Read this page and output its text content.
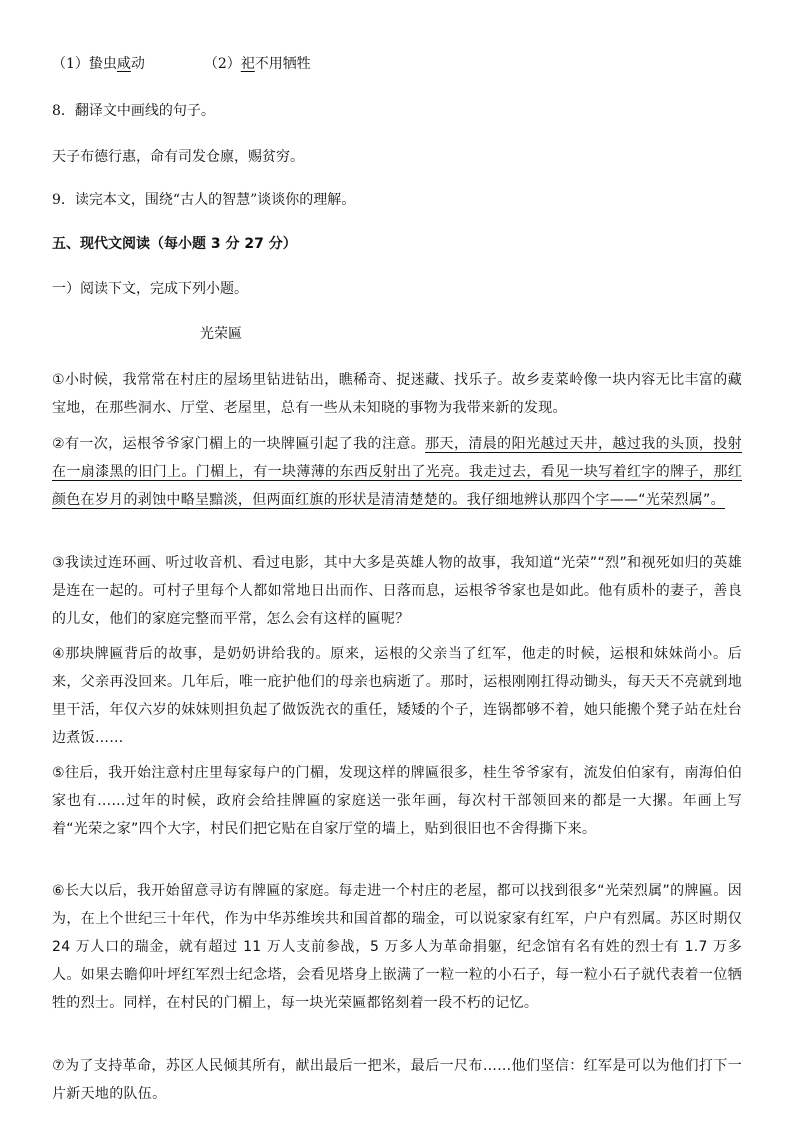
（1）蛰虫咸动	（2）祀不用牺牲
8．翻译文中画线的句子。
天子布德行惠，命有司发仓廪，赐贫穷。
9．读完本文，围绕“古人的智慧”谈谈你的理解。
五、现代文阅读（每小题 3 分 27 分）
一）阅读下文，完成下列小题。
光荣匾

①小时候，我常常在村庄的屋场里钻进钻出，瞧稀奇、捉迷藏、找乐子。故乡麦菜岭像一块内容无比丰富的藏宝地，在那些洞水、厅堂、老屋里，总有一些从未知晓的事物为我带来新的发现。

②有一次，运根爷爷家门楣上的一块牌匾引起了我的注意。那天，清晨的阳光越过天井，越过我的头顶，投射在一扇漆黑的旧门上。门楣上，有一块薄薄的东西反射出了光亮。我走过去，看见一块写着红字的牌子，那红颜色在岁月的剥蚀中略呈黯淡，但两面红旗的形状是清清楚楚的。我仔细地辨认那四个字——“光荣烈属”。

③我读过连环画、听过收音机、看过电影，其中大多是英雄人物的故事，我知道“光荣”“烈”和视死如归的英雄是连在一起的。可村子里每个人都如常地日出而作、日落而息，运根爷爷家也是如此。他有质朴的妻子，善良的儿女，他们的家庭完整而平常，怎么会有这样的匾呢？

④那块牌匾背后的故事，是奶奶讲给我的。原来，运根的父亲当了红军，他走的时候，运根和妹妹尚小。后来，父亲再没回来。几年后，唯一庇护他们的母亲也病逝了。那时，运根刚刚扛得动锄头，每天天不亮就到地里干活，年仅六岁的妹妹则担负起了做饭洗衣的重任，矮矮的个子，连锅都够不着，她只能搬个凳子站在灶台边煮饭……

⑤往后，我开始注意村庄里每家每户的门楣，发现这样的牌匾很多，桂生爷爷家有，流发伯伯家有，南海伯伯家也有……过年的时候，政府会给挂牌匾的家庭送一张年画，每次村干部领回来的都是一大摞。年画上写着“光荣之家”四个大字，村民们把它贴在自家厅堂的墙上，贴到很旧也不舍得撕下来。

⑥长大以后，我开始留意寻访有牌匾的家庭。每走进一个村庄的老屋，都可以找到很多“光荣烈属”的牌匾。因为，在上个世纪三十年代，作为中华苏维埃共和国首都的瑞金，可以说家家有红军，户户有烈属。苏区时期仅 24 万人口的瑞金，就有超过 11 万人支前参战，5 万多人为革命捐躯，纪念馆有名有姓的烈士有 1.7 万多人。如果去瞻仰叶坪红军烈士纪念塔，会看见塔身上嵌满了一粒一粒的小石子，每一粒小石子就代表着一位牺牲的烈士。同样，在村民的门楣上，每一块光荣匾都铭刻着一段不朽的记忆。

⑦为了支持革命，苏区人民倾其所有，献出最后一把米，最后一尺布……他们坚信：红军是可以为他们打下一片新天地的队伍。
